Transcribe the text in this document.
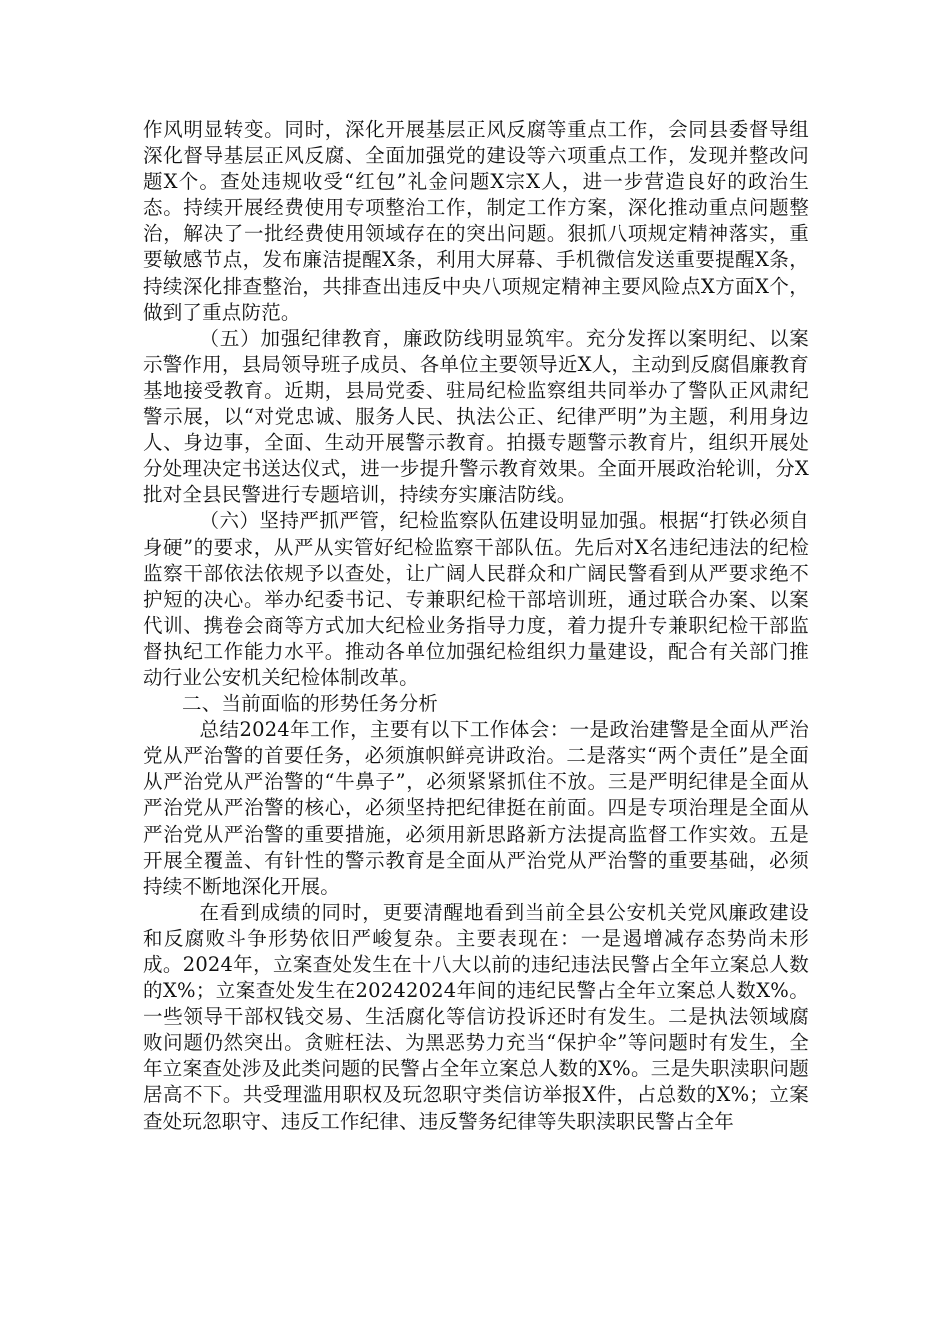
作风明显转变。同时，深化开展基层正风反腐等重点工作，会同县委督导组深化督导基层正风反腐、全面加强党的建设等六项重点工作，发现并整改问题X个。查处违规收受“红包”礼金问题X宗X人，进一步营造良好的政治生态。持续开展经费使用专项整治工作，制定工作方案，深化推动重点问题整治，解决了一批经费使用领域存在的突出问题。狠抓八项规定精神落实，重要敏感节点，发布廉洁提醒X条，利用大屏幕、手机微信发送重要提醒X条，持续深化排查整治，共排查出违反中央八项规定精神主要风险点X方面X个，做到了重点防范。

（五）加强纪律教育，廉政防线明显筑牢。充分发挥以案明纪、以案示警作用，县局领导班子成员、各单位主要领导近X人，主动到反腐倡廉教育基地接受教育。近期，县局党委、驻局纪检监察组共同举办了警队正风肃纪警示展，以“对党忠诚、服务人民、执法公正、纪律严明”为主题，利用身边人、身边事，全面、生动开展警示教育。拍摄专题警示教育片，组织开展处分处理决定书送达仪式，进一步提升警示教育效果。全面开展政治轮训，分X批对全县民警进行专题培训，持续夯实廉洁防线。

（六）坚持严抓严管，纪检监察队伍建设明显加强。根据“打铁必须自身硬”的要求，从严从实管好纪检监察干部队伍。先后对X名违纪违法的纪检监察干部依法依规予以查处，让广阔人民群众和广阔民警看到从严要求绝不护短的决心。举办纪委书记、专兼职纪检干部培训班，通过联合办案、以案代训、携卷会商等方式加大纪检业务指导力度，着力提升专兼职纪检干部监督执纪工作能力水平。推动各单位加强纪检组织力量建设，配合有关部门推动行业公安机关纪检体制改革。

二、当前面临的形势任务分析

总结2024年工作，主要有以下工作体会：一是政治建警是全面从严治党从严治警的首要任务，必须旗帜鲜亮讲政治。二是落实“两个责任”是全面从严治党从严治警的“牛鼻子”，必须紧紧抓住不放。三是严明纪律是全面从严治党从严治警的核心，必须坚持把纪律挺在前面。四是专项治理是全面从严治党从严治警的重要措施，必须用新思路新方法提高监督工作实效。五是开展全覆盖、有针性的警示教育是全面从严治党从严治警的重要基础，必须持续不断地深化开展。

在看到成绩的同时，更要清醒地看到当前全县公安机关党风廉政建设和反腐败斗争形势依旧严峻复杂。主要表现在：一是遏增减存态势尚未形成。2024年，立案查处发生在十八大以前的违纪违法民警占全年立案总人数的X%；立案查处发生在20242024年间的违纪民警占全年立案总人数X%。一些领导干部权钱交易、生活腐化等信访投诉还时有发生。二是执法领域腐败问题仍然突出。贪赃枉法、为黑恶势力充当“保护伞”等问题时有发生，全年立案查处涉及此类问题的民警占全年立案总人数的X%。三是失职渎职问题居高不下。共受理滥用职权及玩忽职守类信访举报X件，占总数的X%；立案查处玩忽职守、违反工作纪律、违反警务纪律等失职渎职民警占全年
